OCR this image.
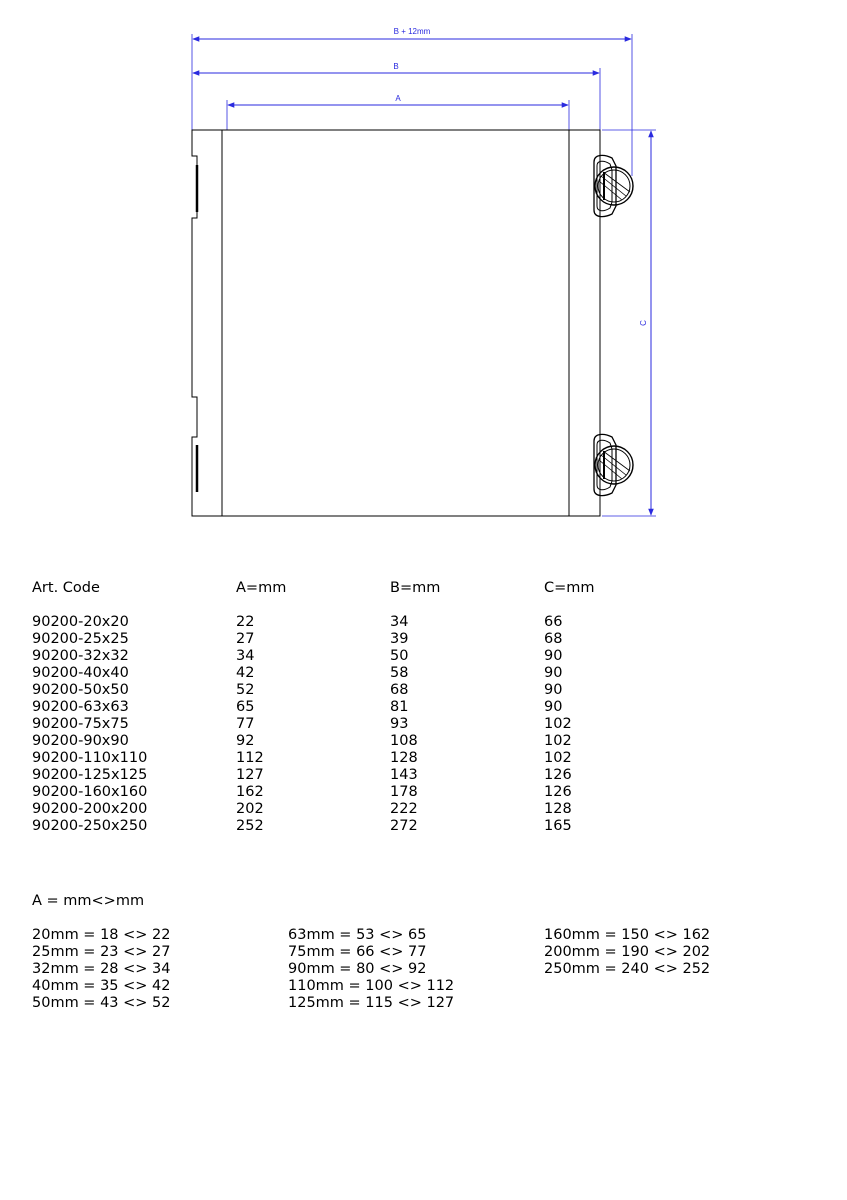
B + 12mm
B
A
C
Art. Code	A=mm	B=mm	C=mm
90200-20x20	22	34	66
90200-25x25	27	39	68
90200-32x32	34	50	90
90200-40x40	42	58	90
90200-50x50	52	68	90
90200-63x63	65	81	90
90200-75x75	77	93	102
90200-90x90	92	108	102
90200-110x110	112	128	102
90200-125x125	127	143	126
90200-160x160	162	178	126
90200-200x200	202	222	128
90200-250x250	252	272	165
A = mm<>mm
20mm = 18 <> 22
25mm = 23 <> 27
32mm = 28 <> 34
40mm = 35 <> 42
50mm = 43 <> 52
63mm = 53 <> 65
75mm = 66 <> 77
90mm = 80 <> 92
110mm = 100 <> 112
125mm = 115 <> 127
160mm = 150 <> 162
200mm = 190 <> 202
250mm = 240 <> 252
